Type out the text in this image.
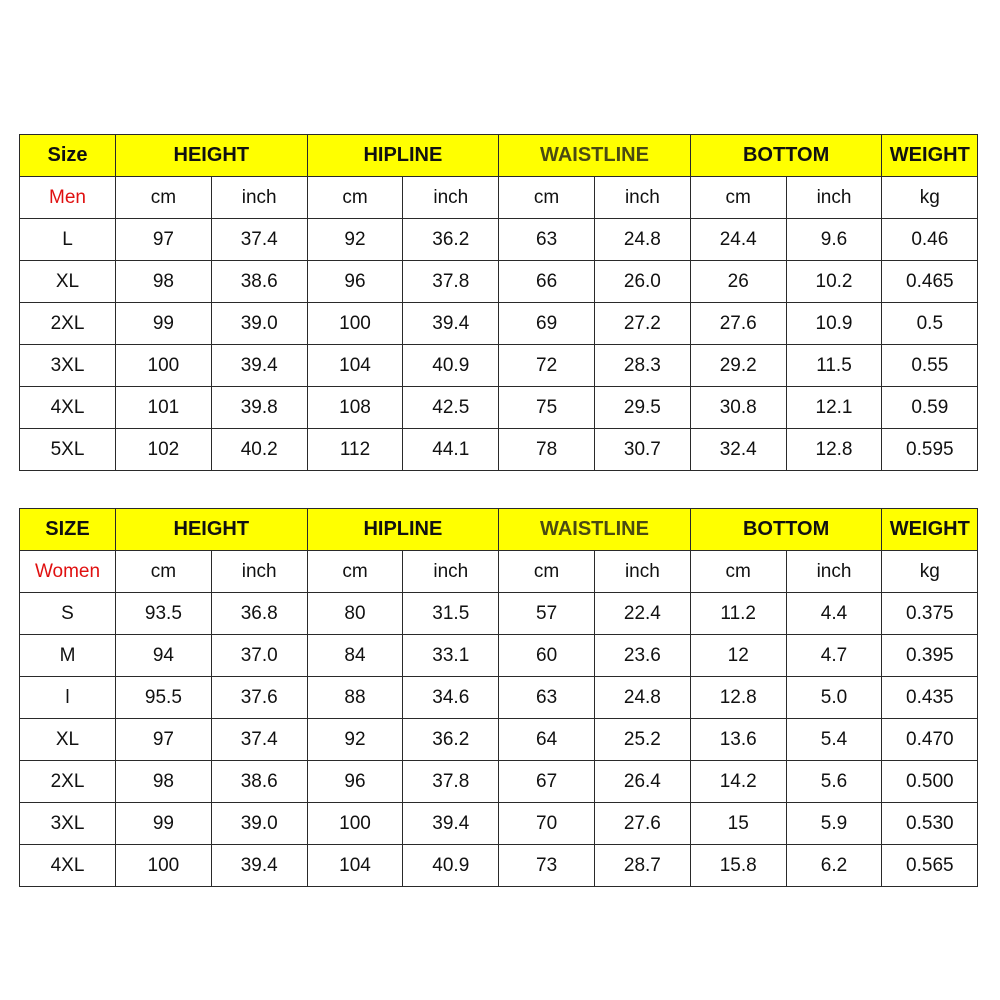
Size	HEIGHT		HIPLINE		WAISTLINE		BOTTOM		WEIGHT
Men	cm	inch	cm	inch	cm	inch	cm	inch	kg
L	97	37.4	92	36.2	63	24.8	24.4	9.6	0.46
XL	98	38.6	96	37.8	66	26.0	26	10.2	0.465
2XL	99	39.0	100	39.4	69	27.2	27.6	10.9	0.5
3XL	100	39.4	104	40.9	72	28.3	29.2	11.5	0.55
4XL	101	39.8	108	42.5	75	29.5	30.8	12.1	0.59
5XL	102	40.2	112	44.1	78	30.7	32.4	12.8	0.595
SIZE	HEIGHT		HIPLINE		WAISTLINE		BOTTOM		WEIGHT
Women	cm	inch	cm	inch	cm	inch	cm	inch	kg
S	93.5	36.8	80	31.5	57	22.4	11.2	4.4	0.375
M	94	37.0	84	33.1	60	23.6	12	4.7	0.395
l	95.5	37.6	88	34.6	63	24.8	12.8	5.0	0.435
XL	97	37.4	92	36.2	64	25.2	13.6	5.4	0.470
2XL	98	38.6	96	37.8	67	26.4	14.2	5.6	0.500
3XL	99	39.0	100	39.4	70	27.6	15	5.9	0.530
4XL	100	39.4	104	40.9	73	28.7	15.8	6.2	0.565
